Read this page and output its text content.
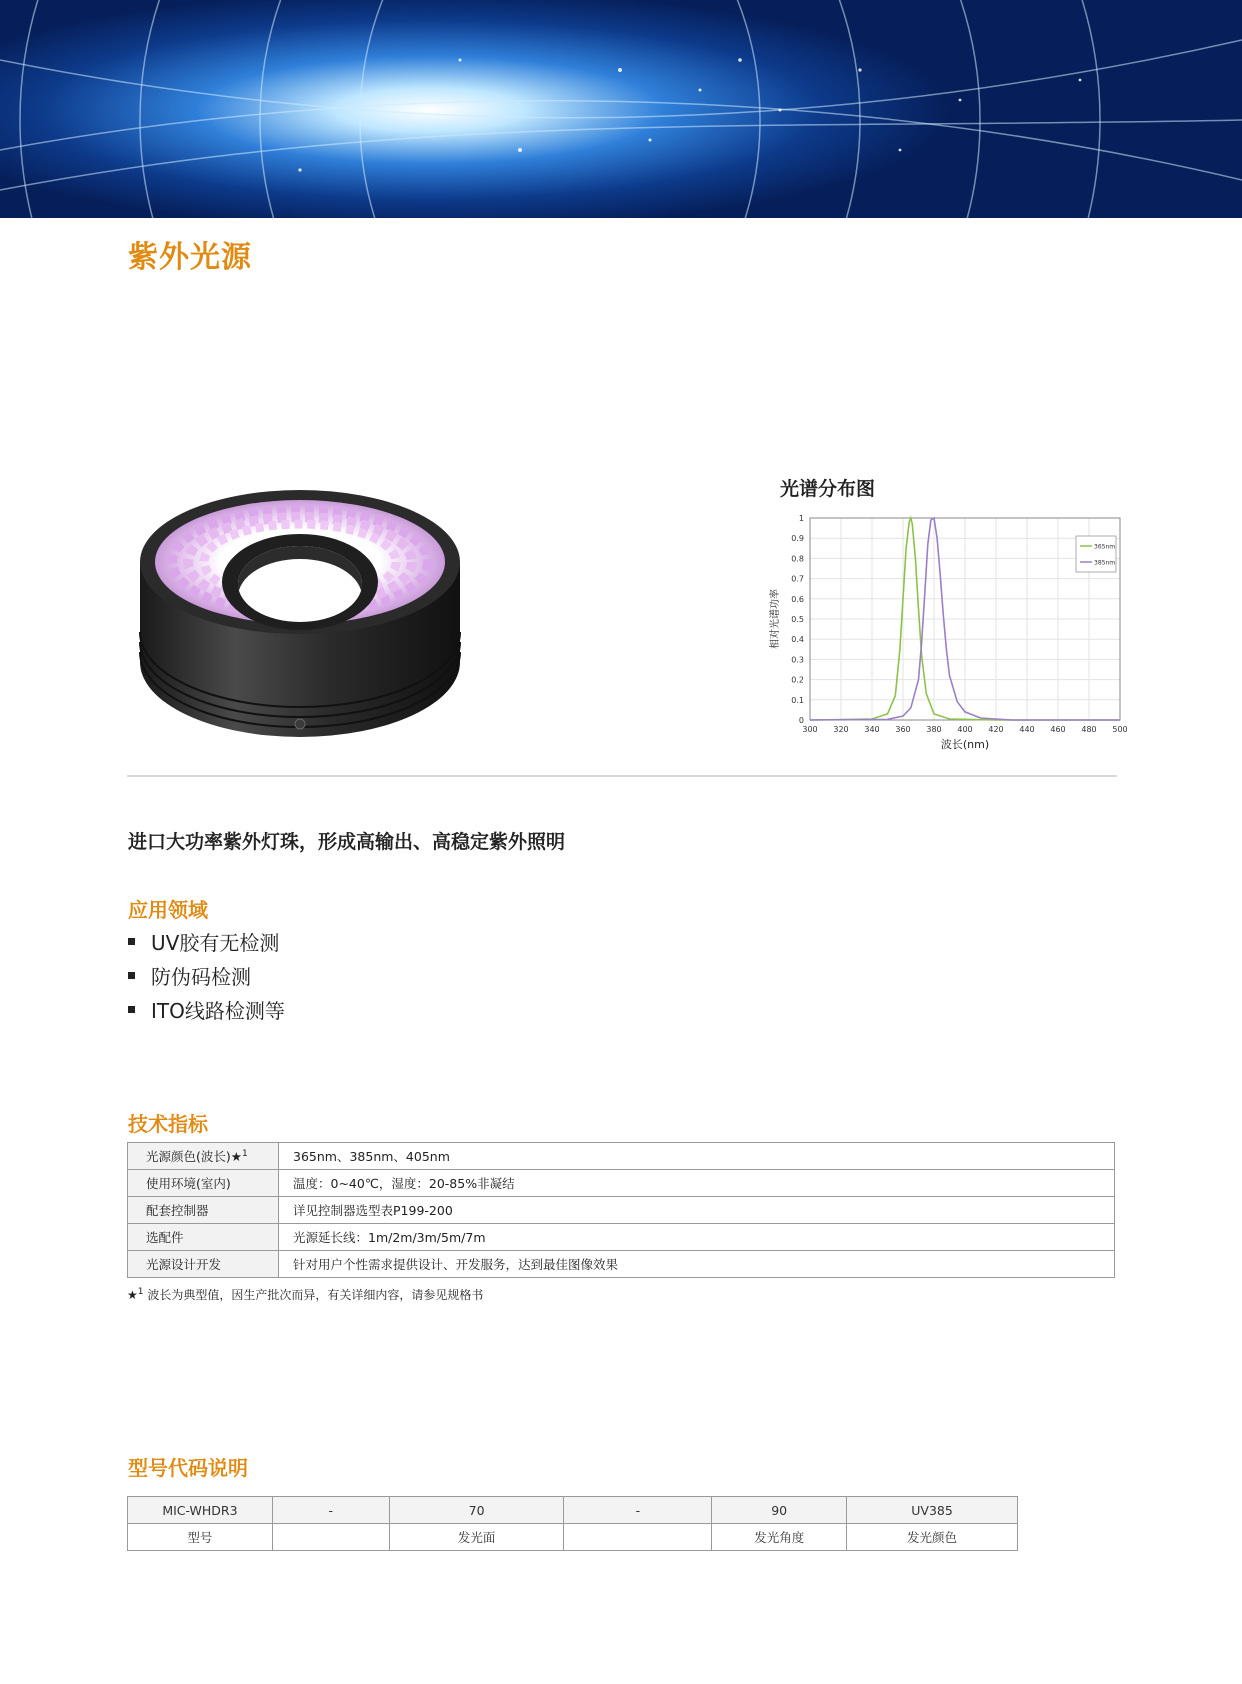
紫外光源
光谱分布图
300 320 340 360 380 400 420 440 460 480 500
0
0.1
0.2
0.3
0.4
0.5
0.6
0.7
0.8
0.9
1
365nm
385nm
波长(nm)
相对光谱功率
进口大功率紫外灯珠，形成高输出、高稳定紫外照明
应用领域
UV胶有无检测
防伪码检测
ITO线路检测等
技术指标
光源颜色(波长)★$^1$	365nm、385nm、405nm
使用环境(室内)	温度：0~40℃，湿度：20-85%非凝结
配套控制器	详见控制器选型表P199-200
选配件	光源延长线：1m/2m/3m/5m/7m
光源设计开发	针对用户个性需求提供设计、开发服务，达到最佳图像效果
★$^1$ 波长为典型值，因生产批次而异，有关详细内容，请参见规格书
型号代码说明
MIC-WHDR3	-	70	-	90	UV385
型号		发光面		发光角度	发光颜色
